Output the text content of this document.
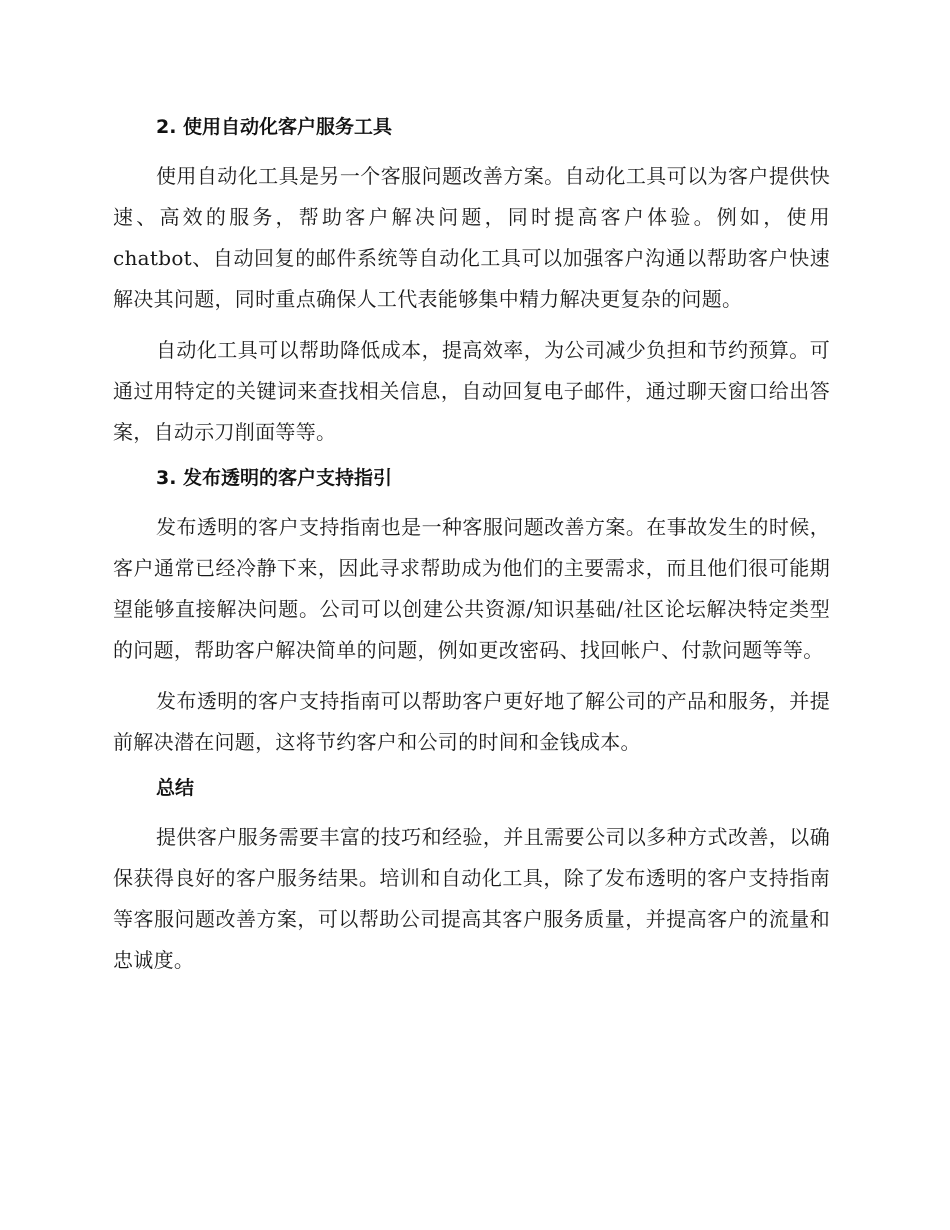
2. 使用自动化客户服务工具

使用自动化工具是另一个客服问题改善方案。自动化工具可以为客户提供快速、高效的服务，帮助客户解决问题，同时提高客户体验。例如，使用chatbot、自动回复的邮件系统等自动化工具可以加强客户沟通以帮助客户快速解决其问题，同时重点确保人工代表能够集中精力解决更复杂的问题。

自动化工具可以帮助降低成本，提高效率，为公司减少负担和节约预算。可通过用特定的关键词来查找相关信息，自动回复电子邮件，通过聊天窗口给出答案，自动示刀削面等等。

3. 发布透明的客户支持指引

发布透明的客户支持指南也是一种客服问题改善方案。在事故发生的时候，客户通常已经冷静下来，因此寻求帮助成为他们的主要需求，而且他们很可能期望能够直接解决问题。公司可以创建公共资源/知识基础/社区论坛解决特定类型的问题，帮助客户解决简单的问题，例如更改密码、找回帐户、付款问题等等。

发布透明的客户支持指南可以帮助客户更好地了解公司的产品和服务，并提前解决潜在问题，这将节约客户和公司的时间和金钱成本。

总结

提供客户服务需要丰富的技巧和经验，并且需要公司以多种方式改善，以确保获得良好的客户服务结果。培训和自动化工具，除了发布透明的客户支持指南等客服问题改善方案，可以帮助公司提高其客户服务质量，并提高客户的流量和忠诚度。
